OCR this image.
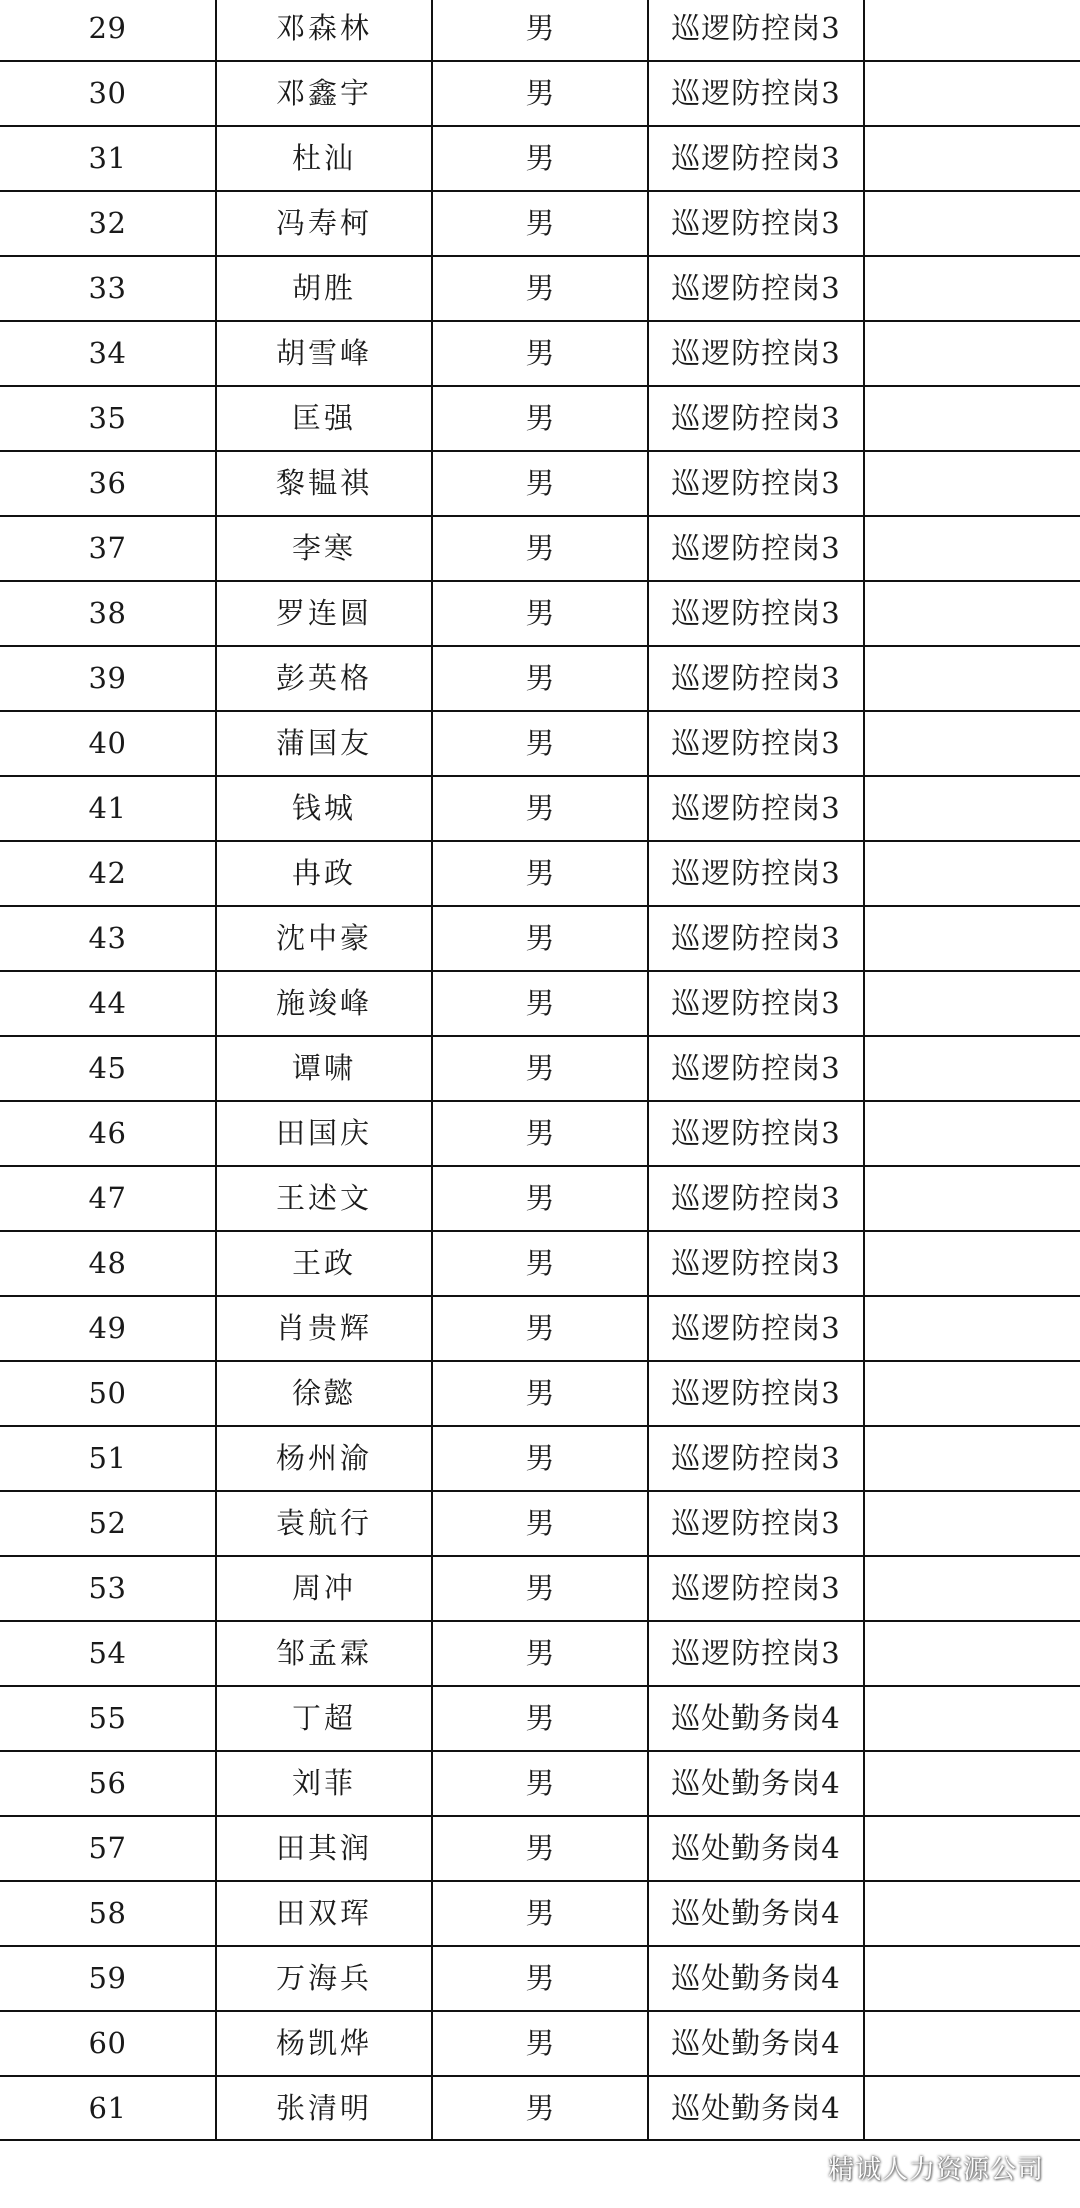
29	邓森林	男	巡逻防控岗3	
30	邓鑫宇	男	巡逻防控岗3	
31	杜汕	男	巡逻防控岗3	
32	冯寿柯	男	巡逻防控岗3	
33	胡胜	男	巡逻防控岗3	
34	胡雪峰	男	巡逻防控岗3	
35	匡强	男	巡逻防控岗3	
36	黎韫祺	男	巡逻防控岗3	
37	李寒	男	巡逻防控岗3	
38	罗连圆	男	巡逻防控岗3	
39	彭英格	男	巡逻防控岗3	
40	蒲国友	男	巡逻防控岗3	
41	钱城	男	巡逻防控岗3	
42	冉政	男	巡逻防控岗3	
43	沈中豪	男	巡逻防控岗3	
44	施竣峰	男	巡逻防控岗3	
45	谭啸	男	巡逻防控岗3	
46	田国庆	男	巡逻防控岗3	
47	王述文	男	巡逻防控岗3	
48	王政	男	巡逻防控岗3	
49	肖贵辉	男	巡逻防控岗3	
50	徐懿	男	巡逻防控岗3	
51	杨州渝	男	巡逻防控岗3	
52	袁航行	男	巡逻防控岗3	
53	周冲	男	巡逻防控岗3	
54	邹孟霖	男	巡逻防控岗3	
55	丁超	男	巡处勤务岗4	
56	刘菲	男	巡处勤务岗4	
57	田其润	男	巡处勤务岗4	
58	田双珲	男	巡处勤务岗4	
59	万海兵	男	巡处勤务岗4	
60	杨凯烨	男	巡处勤务岗4	
61	张清明	男	巡处勤务岗4	
精诚人力资源公司
